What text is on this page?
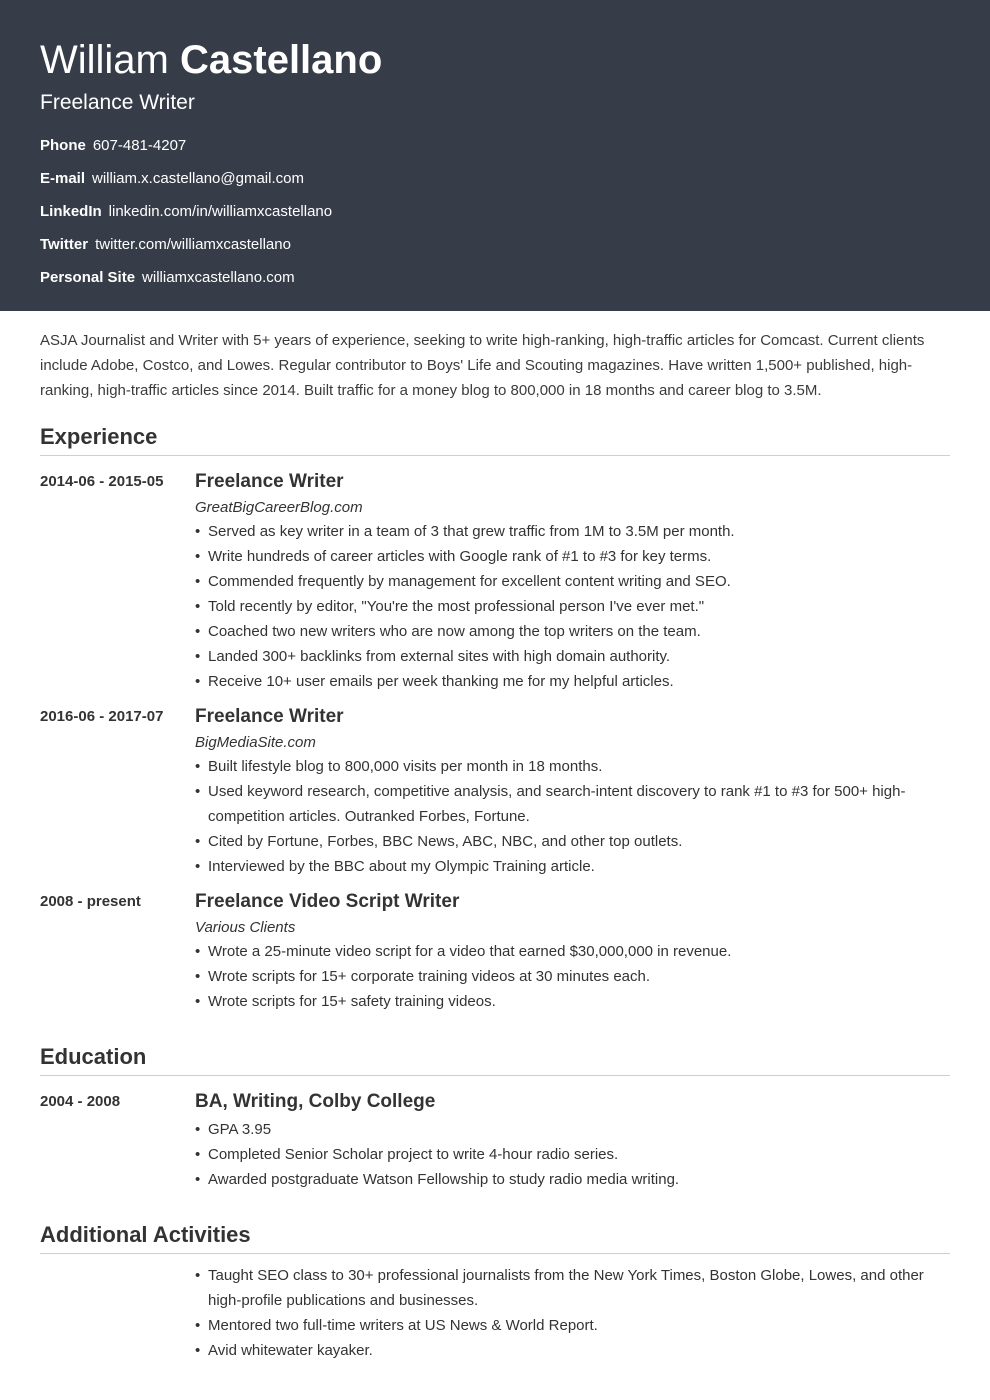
William Castellano
Freelance Writer
Phone 607-481-4207
E-mail william.x.castellano@gmail.com
LinkedIn linkedin.com/in/williamxcastellano
Twitter twitter.com/williamxcastellano
Personal Site williamxcastellano.com

ASJA Journalist and Writer with 5+ years of experience, seeking to write high-ranking, high-traffic articles for Comcast. Current clients include Adobe, Costco, and Lowes. Regular contributor to Boys' Life and Scouting magazines. Have written 1,500+ published, high-ranking, high-traffic articles since 2014. Built traffic for a money blog to 800,000 in 18 months and career blog to 3.5M.

Experience
2014-06 - 2015-05	Freelance Writer
GreatBigCareerBlog.com
• Served as key writer in a team of 3 that grew traffic from 1M to 3.5M per month.
• Write hundreds of career articles with Google rank of #1 to #3 for key terms.
• Commended frequently by management for excellent content writing and SEO.
• Told recently by editor, "You're the most professional person I've ever met."
• Coached two new writers who are now among the top writers on the team.
• Landed 300+ backlinks from external sites with high domain authority.
• Receive 10+ user emails per week thanking me for my helpful articles.
2016-06 - 2017-07	Freelance Writer
BigMediaSite.com
• Built lifestyle blog to 800,000 visits per month in 18 months.
• Used keyword research, competitive analysis, and search-intent discovery to rank #1 to #3 for 500+ high-competition articles. Outranked Forbes, Fortune.
• Cited by Fortune, Forbes, BBC News, ABC, NBC, and other top outlets.
• Interviewed by the BBC about my Olympic Training article.
2008 - present	Freelance Video Script Writer
Various Clients
• Wrote a 25-minute video script for a video that earned $30,000,000 in revenue.
• Wrote scripts for 15+ corporate training videos at 30 minutes each.
• Wrote scripts for 15+ safety training videos.
Education
2004 - 2008	BA, Writing, Colby College
• GPA 3.95
• Completed Senior Scholar project to write 4-hour radio series.
• Awarded postgraduate Watson Fellowship to study radio media writing.
Additional Activities
• Taught SEO class to 30+ professional journalists from the New York Times, Boston Globe, Lowes, and other high-profile publications and businesses.
• Mentored two full-time writers at US News & World Report.
• Avid whitewater kayaker.
